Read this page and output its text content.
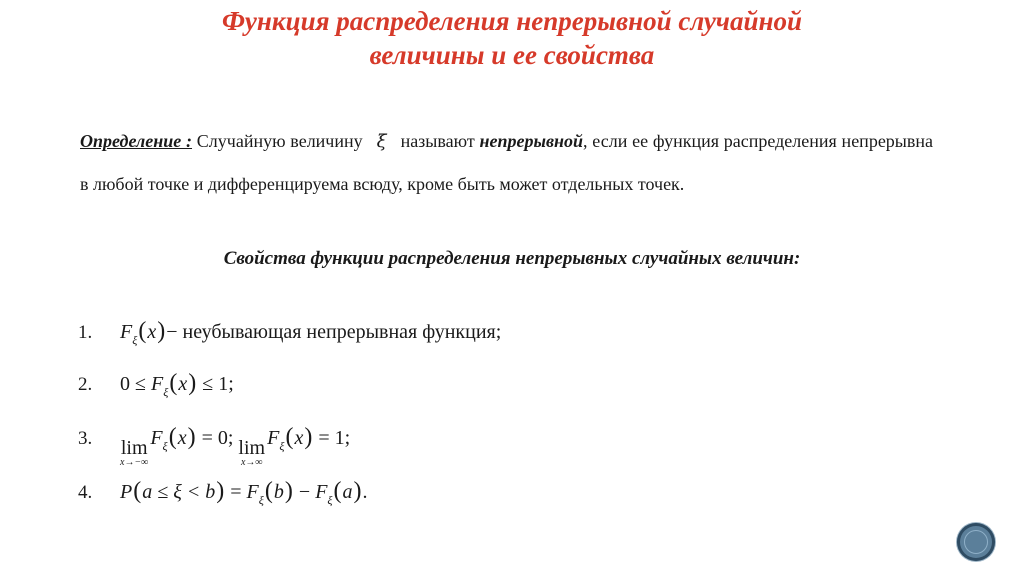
Функция распределения непрерывной случайной
величины и ее свойства
Определение : Случайную величину ξ называют непрерывной, если ее функция распределения непрерывна в любой точке и дифференцируема всюду, кроме быть может отдельных точек.
Свойства функции распределения непрерывных случайных величин:
1.	$F_\xi(x)-$ неубывающая непрерывная функция;
2.	$0 \le F_\xi(x) \le 1$;
3.	lim
x→−∞
$F_\xi(x) = 0$; lim
x→∞
$F_\xi(x) = 1$;
4.	$P(a \le \xi < b) = F_\xi(b) - F_\xi(a)$.
